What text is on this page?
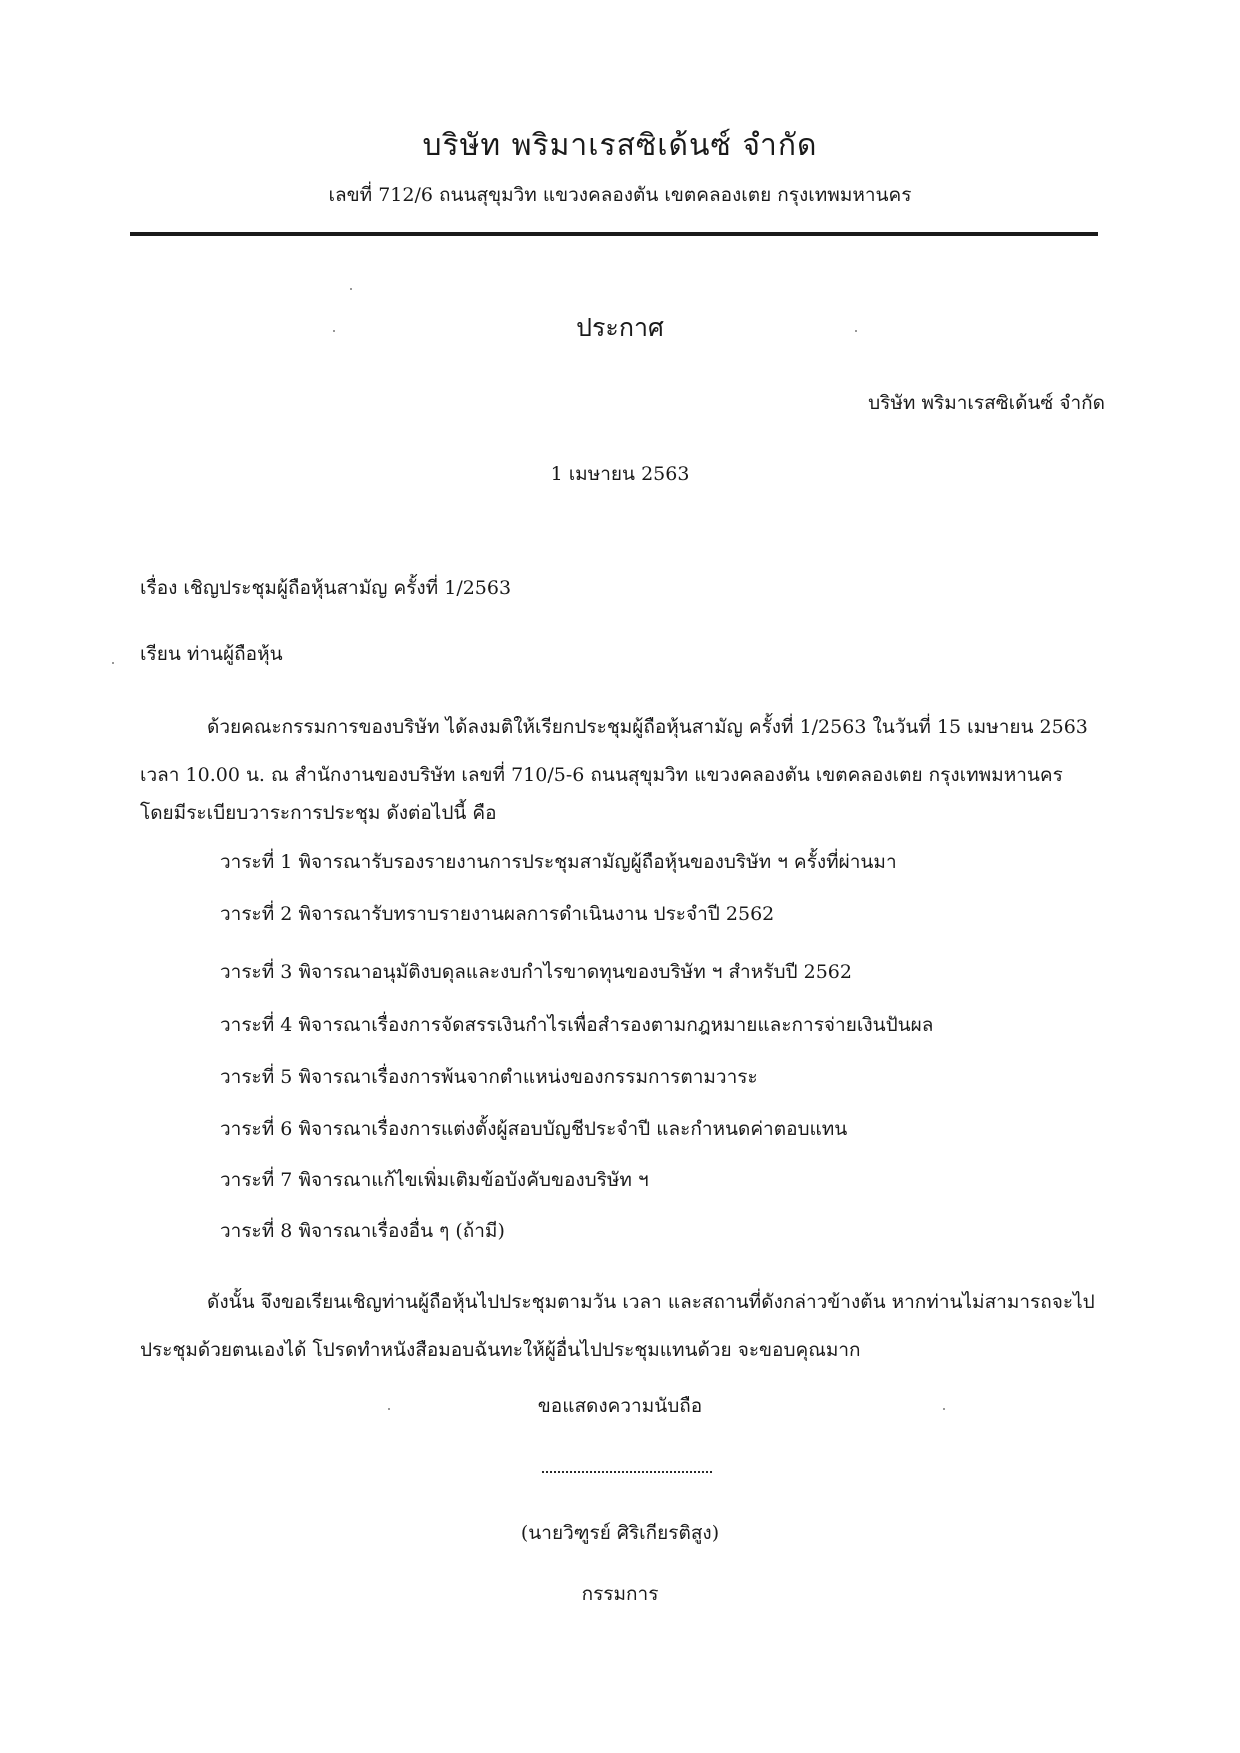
บริษัท พริมาเรสซิเด้นซ์ จำกัด
เลขที่ 712/6 ถนนสุขุมวิท แขวงคลองตัน เขตคลองเตย กรุงเทพมหานคร
ประกาศ
บริษัท พริมาเรสซิเด้นซ์ จำกัด
1 เมษายน 2563
เรื่อง เชิญประชุมผู้ถือหุ้นสามัญ ครั้งที่ 1/2563
เรียน ท่านผู้ถือหุ้น
ด้วยคณะกรรมการของบริษัท ได้ลงมติให้เรียกประชุมผู้ถือหุ้นสามัญ ครั้งที่ 1/2563 ในวันที่ 15 เมษายน 2563
เวลา 10.00 น. ณ สำนักงานของบริษัท เลขที่ 710/5-6 ถนนสุขุมวิท แขวงคลองตัน เขตคลองเตย กรุงเทพมหานคร
โดยมีระเบียบวาระการประชุม ดังต่อไปนี้ คือ
วาระที่ 1 พิจารณารับรองรายงานการประชุมสามัญผู้ถือหุ้นของบริษัท ฯ ครั้งที่ผ่านมา
วาระที่ 2 พิจารณารับทราบรายงานผลการดำเนินงาน ประจำปี 2562
วาระที่ 3 พิจารณาอนุมัติงบดุลและงบกำไรขาดทุนของบริษัท ฯ สำหรับปี 2562
วาระที่ 4 พิจารณาเรื่องการจัดสรรเงินกำไรเพื่อสำรองตามกฎหมายและการจ่ายเงินปันผล
วาระที่ 5 พิจารณาเรื่องการพ้นจากตำแหน่งของกรรมการตามวาระ
วาระที่ 6 พิจารณาเรื่องการแต่งตั้งผู้สอบบัญชีประจำปี และกำหนดค่าตอบแทน
วาระที่ 7 พิจารณาแก้ไขเพิ่มเติมข้อบังคับของบริษัท ฯ
วาระที่ 8 พิจารณาเรื่องอื่น ๆ (ถ้ามี)
ดังนั้น จึงขอเรียนเชิญท่านผู้ถือหุ้นไปประชุมตามวัน เวลา และสถานที่ดังกล่าวข้างต้น หากท่านไม่สามารถจะไป
ประชุมด้วยตนเองได้ โปรดทำหนังสือมอบฉันทะให้ผู้อื่นไปประชุมแทนด้วย จะขอบคุณมาก
ขอแสดงความนับถือ
(นายวิฑูรย์ ศิริเกียรติสูง)
กรรมการ
